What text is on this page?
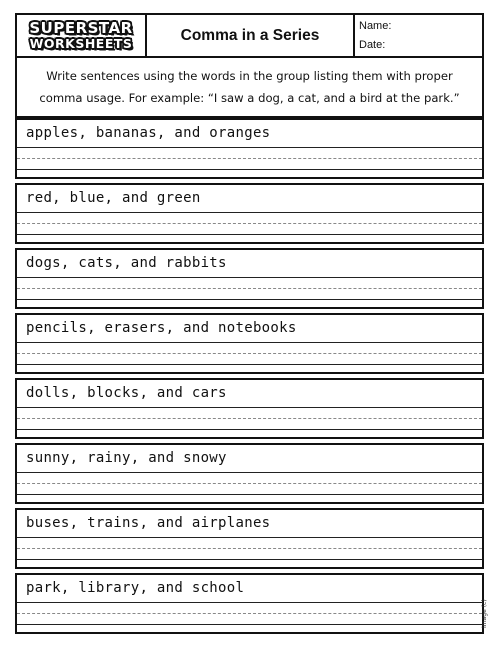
SUPERSTAR
WORKSHEETS	Comma in a Series
Name:
Date:
Write sentences using the words in the group listing them with proper comma usage. For example: “I saw a dog, a cat, and a bird at the park.”
apples, bananas, and oranges
red, blue, and green
dogs, cats, and rabbits
pencils, erasers, and notebooks
dolls, blocks, and cars
sunny, rainy, and snowy
buses, trains, and airplanes
park, library, and school
Image (c)
